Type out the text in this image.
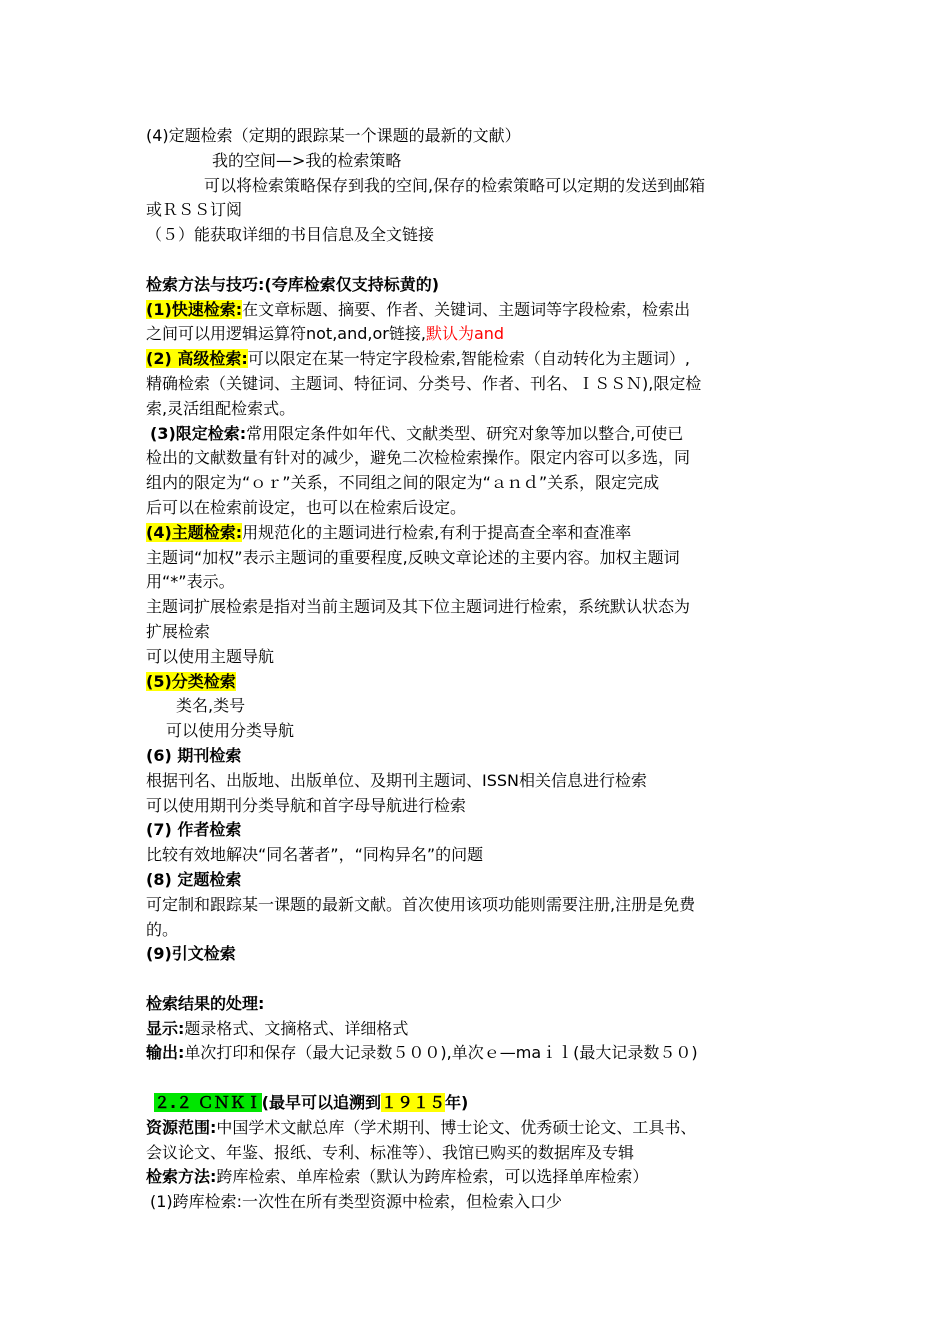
(4)定题检索（定期的跟踪某一个课题的最新的文献）
我的空间—>我的检索策略
可以将检索策略保存到我的空间,保存的检索策略可以定期的发送到邮箱
或ＲＳＳ订阅
（５）能获取详细的书目信息及全文链接
检索方法与技巧:(夸库检索仅支持标黄的)
(1)快速检索:在文章标题、摘要、作者、关键词、主题词等字段检索，检索出
之间可以用逻辑运算符not,and,or链接,默认为and
(2) 高级检索:可以限定在某一特定字段检索,智能检索（自动转化为主题词）,
精确检索（关键词、主题词、特征词、分类号、作者、刊名、ＩＳＳＮ),限定检
索,灵活组配检索式。
(3)限定检索:常用限定条件如年代、文献类型、研究对象等加以整合,可使已
检出的文献数量有针对的减少，避免二次检检索操作。限定内容可以多选，同
组内的限定为“ｏｒ”关系，不同组之间的限定为“ａｎｄ”关系，限定完成
后可以在检索前设定，也可以在检索后设定。
(4)主题检索:用规范化的主题词进行检索,有利于提高查全率和查准率
主题词“加权”表示主题词的重要程度,反映文章论述的主要内容。加权主题词
用“*”表示。
主题词扩展检索是指对当前主题词及其下位主题词进行检索，系统默认状态为
扩展检索
可以使用主题导航
(5)分类检索
类名,类号
可以使用分类导航
(6) 期刊检索
根据刊名、出版地、出版单位、及期刊主题词、ISSN相关信息进行检索
可以使用期刊分类导航和首字母导航进行检索
(7) 作者检索
比较有效地解决“同名著者”，“同构异名”的问题
(8) 定题检索
可定制和跟踪某一课题的最新文献。首次使用该项功能则需要注册,注册是免费
的。
(9)引文检索
检索结果的处理:
显示:题录格式、文摘格式、详细格式
输出:单次打印和保存（最大记录数５００),单次ｅ—maｉｌ(最大记录数５０)
２.２ ＣＮＫＩ(最早可以追溯到１９１５年)
资源范围:中国学术文献总库（学术期刊、博士论文、优秀硕士论文、工具书、
会议论文、年鉴、报纸、专利、标准等）、我馆已购买的数据库及专辑
检索方法:跨库检索、单库检索（默认为跨库检索，可以选择单库检索）
(1)跨库检索:一次性在所有类型资源中检索，但检索入口少
